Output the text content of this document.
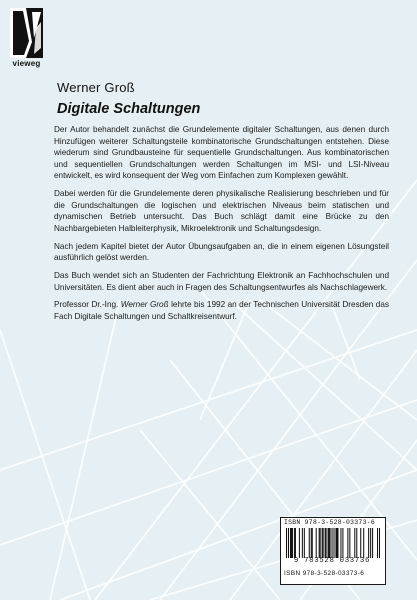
vieweg
Werner Groß
Digitale Schaltungen

Der Autor behandelt zunächst die Grundelemente digitaler Schaltungen, aus denen durch Hinzufügen weiterer Schaltungsteile kombinatorische Grundschaltungen entstehen. Diese wiederum sind Grundbausteine für sequentielle Grundschaltungen. Aus kombinatorischen und sequentiellen Grundschaltungen werden Schaltungen im MSI- und LSI-Niveau entwickelt, es wird konsequent der Weg vom Einfachen zum Komplexen gewählt.

Dabei werden für die Grundelemente deren physikalische Realisierung beschrieben und für die Grundschaltungen die logischen und elektrischen Niveaus beim statischen und dynamischen Betrieb untersucht. Das Buch schlägt damit eine Brücke zu den Nachbargebieten Halbleiterphysik, Mikroelektronik und Schaltungsdesign.

Nach jedem Kapitel bietet der Autor Übungsaufgaben an, die in einem eigenen Lösungsteil ausführlich gelöst werden.

Das Buch wendet sich an Studenten der Fachrichtung Elektronik an Fachhochschulen und Universitäten. Es dient aber auch in Fragen des Schaltungsentwurfes als Nachschlagewerk.

Professor Dr.-Ing. Werner Groß lehrte bis 1992 an der Technischen Universität Dresden das Fach Digitale Schaltungen und Schaltkreisentwurf.

ISBN 978-3-528-03373-6
9 783528 033736
ISBN 978-3-528-03373-6
